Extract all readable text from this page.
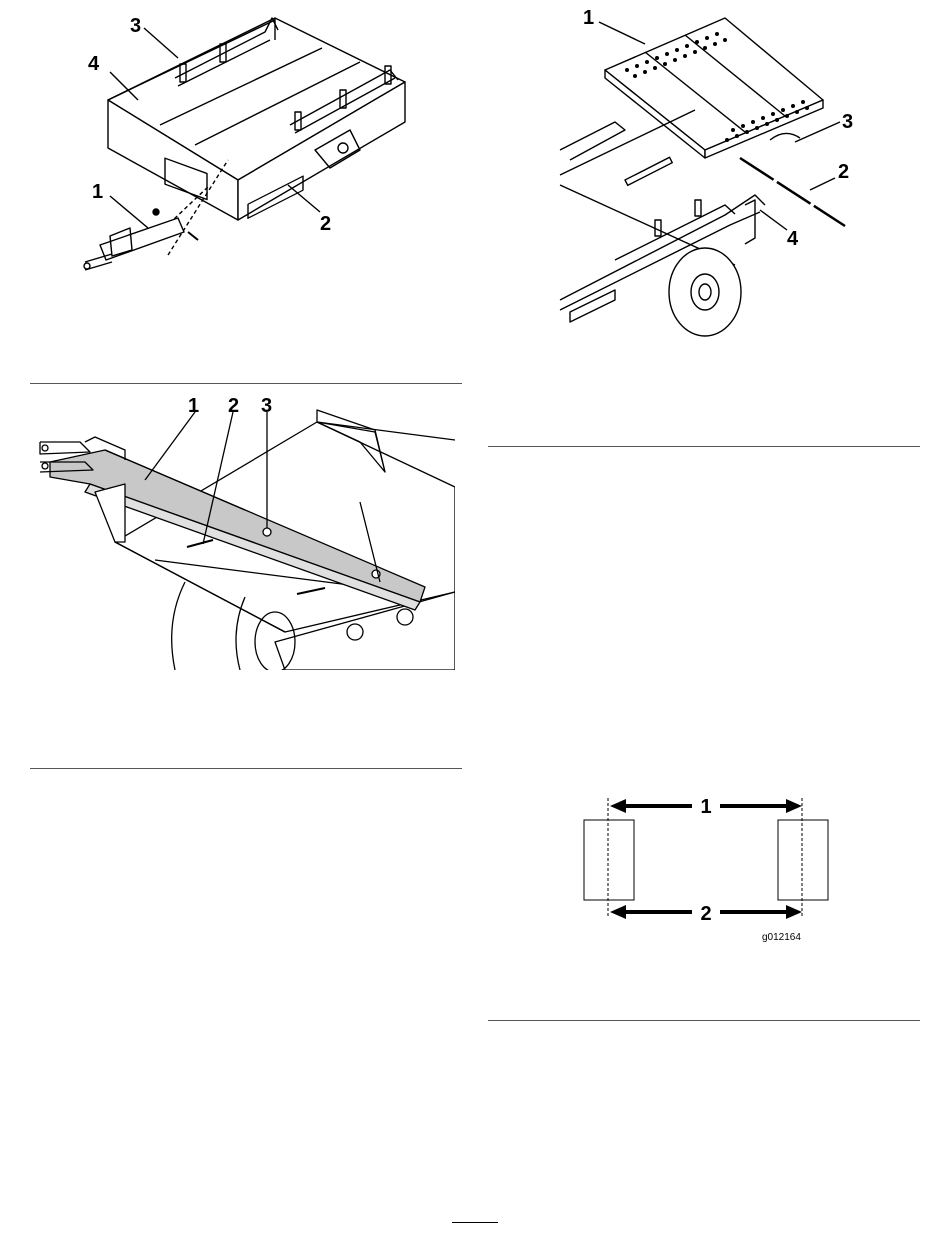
3
4
1
2
1
3
2
4
1 2 3
1
2
g012164
